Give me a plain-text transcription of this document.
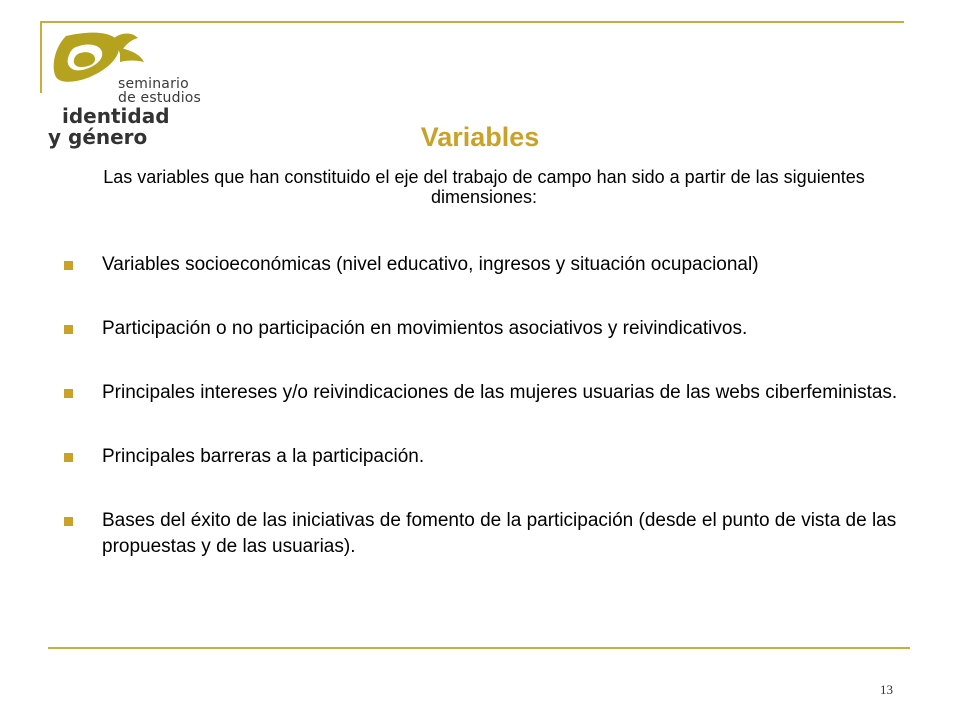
seminario
de estudios
identidad
y género	Variables
Las variables que han constituido el eje del trabajo de campo han sido a partir de las siguientes dimensiones:
Variables socioeconómicas (nivel educativo, ingresos y situación ocupacional)
Participación o no participación en movimientos asociativos y reivindicativos.
Principales intereses y/o reivindicaciones de las mujeres usuarias de las webs ciberfeministas.
Principales barreras a la participación.
Bases del éxito de las iniciativas de fomento de la participación (desde el punto de vista de las propuestas y de las usuarias).
13
